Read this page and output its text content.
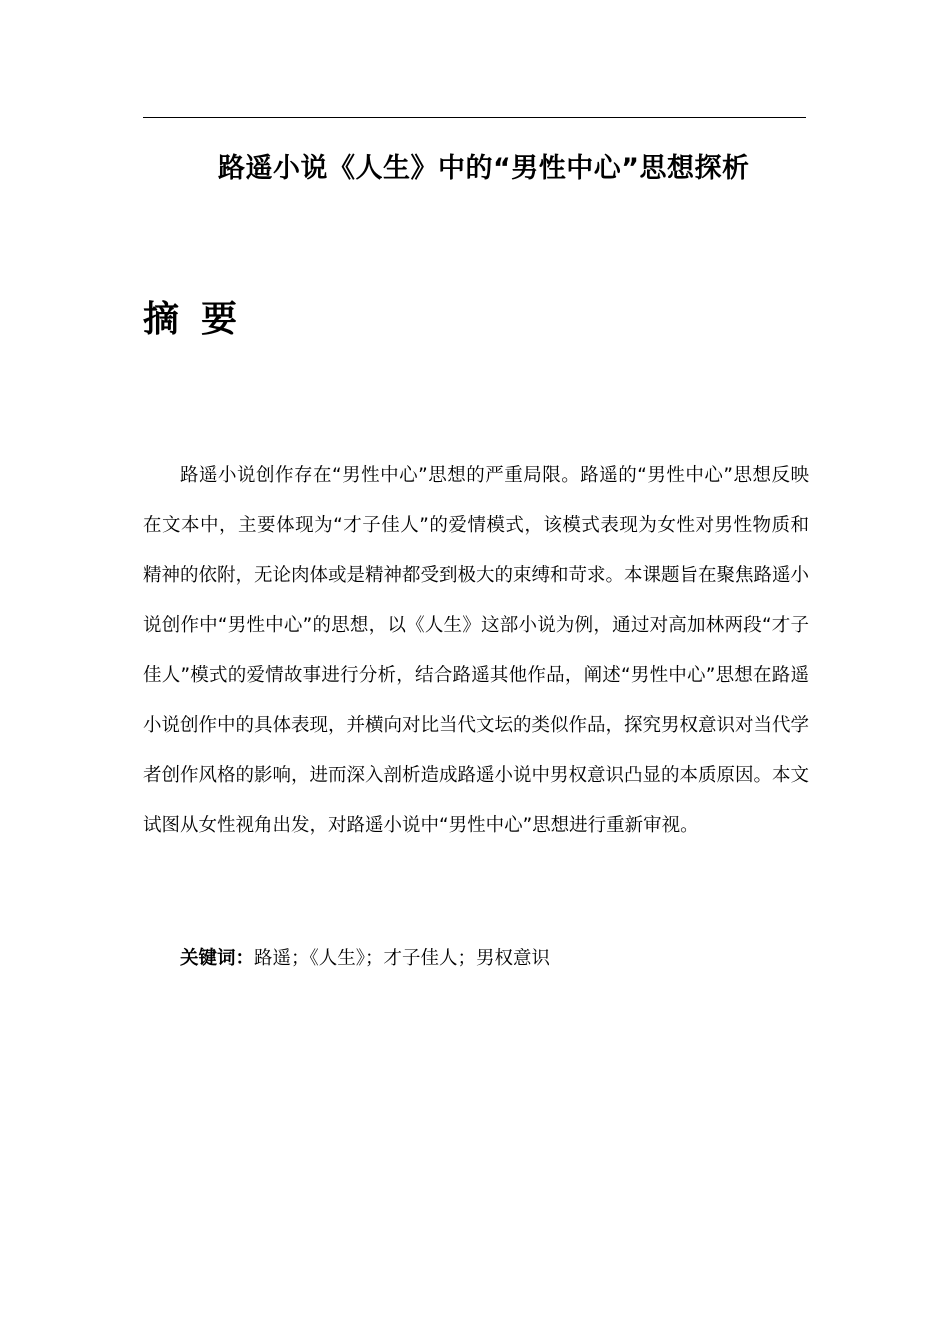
路遥小说《人生》中的“男性中心”思想探析
摘要

路遥小说创作存在“男性中心”思想的严重局限。路遥的“男性中心”思想反映在文本中，主要体现为“才子佳人”的爱情模式，该模式表现为女性对男性物质和精神的依附，无论肉体或是精神都受到极大的束缚和苛求。本课题旨在聚焦路遥小说创作中“男性中心”的思想，以《人生》这部小说为例，通过对高加林两段“才子佳人”模式的爱情故事进行分析，结合路遥其他作品，阐述“男性中心”思想在路遥小说创作中的具体表现，并横向对比当代文坛的类似作品，探究男权意识对当代学者创作风格的影响，进而深入剖析造成路遥小说中男权意识凸显的本质原因。本文试图从女性视角出发，对路遥小说中“男性中心”思想进行重新审视。

关键词：路遥；《人生》；才子佳人；男权意识
